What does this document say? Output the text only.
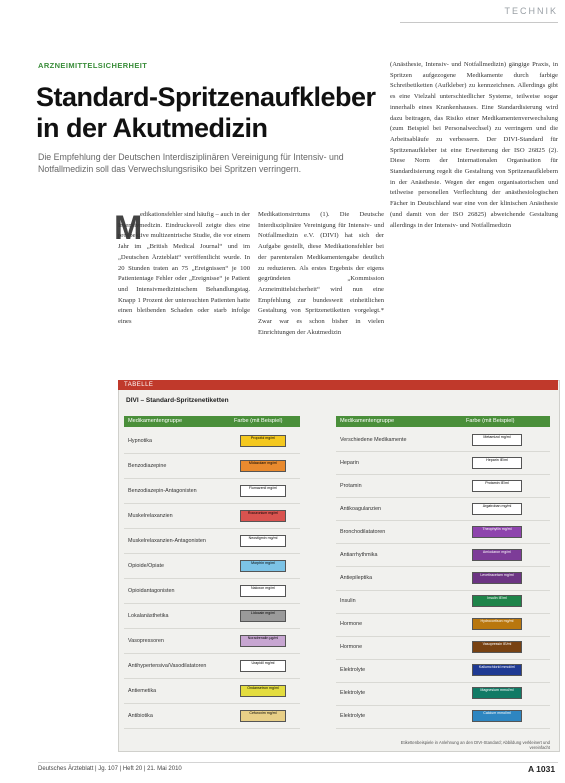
TECHNIK
ARZNEIMITTELSICHERHEIT
Standard-Spritzenaufkleber in der Akutmedizin
Die Empfehlung der Deutschen Interdisziplinären Vereinigung für Intensiv- und Notfallmedizin soll das Verwechslungsrisiko bei Spritzen verringern.
M
edikationsfehler sind häufig – auch in der Intensivmedizin. Eindrucksvoll zeigte dies eine prospektive multizentrische Studie, die vor einem Jahr im „British Medical Journal“ und im „Deutschen Ärzteblatt“ veröffentlicht wurde. In 20 Stunden traten an 75 „Ereignissen“ je 100 Patiententage Fehler oder „Ereignisse“ je Patient und Intensivmedizinischem Behandlungstag. Knapp 1 Prozent der untersuchten Patienten hatte einen bleibenden Schaden oder starb infolge eines
Medikationsirrtums (1). Die Deutsche Interdisziplinäre Vereinigung für Intensiv- und Notfallmedizin e.V. (DIVI) hat sich der Aufgabe gestellt, diese Medikationsfehler bei der parenteralen Medikamentengabe deutlich zu reduzieren. Als erstes Ergebnis der eigens gegründeten „Kommission Arzneimittelsicherheit“ wird nun eine Empfehlung zur bundesweit einheitlichen Gestaltung von Spritzenetiketten vorgelegt.* Zwar war es schon bisher in vielen Einrichtungen der Akutmedizin
(Anästhesie, Intensiv- und Notfallmedizin) gängige Praxis, in Spritzen aufgezogene Medikamente durch farbige Schreibetiketten (Aufkleber) zu kennzeichnen. Allerdings gibt es eine Vielzahl unterschiedlicher Systeme, teilweise sogar innerhalb eines Krankenhauses. Eine Standardisierung wird dazu beitragen, das Risiko einer Medikamentenverwechslung (zum Beispiel bei Personalwechsel) zu verringern und die Arbeitsabläufe zu verbessern. Der DIVI-Standard für Spritzenaufkleber ist eine Erweiterung der ISO 26825 (2). Diese Norm der Internationalen Organisation für Standardisierung regelt die Gestaltung von Spritzenaufklebern in der Anästhesie. Wegen der engen organisatorischen und teilweise personellen Verflechtung der anästhesiologischen Fächer in Deutschland war eine von der klinischen Anästhesie (und damit von der ISO 26825) abweichende Gestaltung allerdings in der Intensiv- und Notfallmedizin
TABELLE
DIVI – Standard-Spritzenetiketten
Medikamentengruppe	Farbe (mit Beispiel)	Medikamentengruppe	Farbe (mit Beispiel)
Hypnotika	Propofol mg/ml
Benzodiazepine	Midazolam mg/ml
Benzodiazepin-Antagonisten	Flumazenil mg/ml
Muskelrelaxanzien	Rocuronium mg/ml
Muskelrelaxanzien-Antagonisten	Neostigmin mg/ml
Opioide/Opiate	Morphin mg/ml
Opioidantagonisten	Naloxon mg/ml
Lokalanästhetika	Lidocain mg/ml
Vasopressoren	Noradrenalin µg/ml
Antihypertensiva/Vasodilatatoren	Urapidil mg/ml
Antiemetika	Ondansetron mg/ml
Antibiotika	Cefuroxim mg/ml
Verschiedene Medikamente	Metamizol mg/ml
Heparin	Heparin IE/ml
Protamin	Protamin IE/ml
Antikoagulanzien	Argatroban mg/ml
Bronchodilatatoren	Theophyllin mg/ml
Antiarrhythmika	Amiodaron mg/ml
Antiepileptika	Levetiracetam mg/ml
Insulin	Insulin IE/ml
Hormone	Hydrocortison mg/ml
Hormone	Vasopressin IE/ml
Elektrolyte	Kaliumchlorid mmol/ml
Elektrolyte	Magnesium mmol/ml
Elektrolyte	Calcium mmol/ml
Etikettenbeispiele in Anlehnung an den DIVI-Standard; Abbildung verkleinert und vereinfacht
Deutsches Ärzteblatt | Jg. 107 | Heft 20 | 21. Mai 2010	A 1031
